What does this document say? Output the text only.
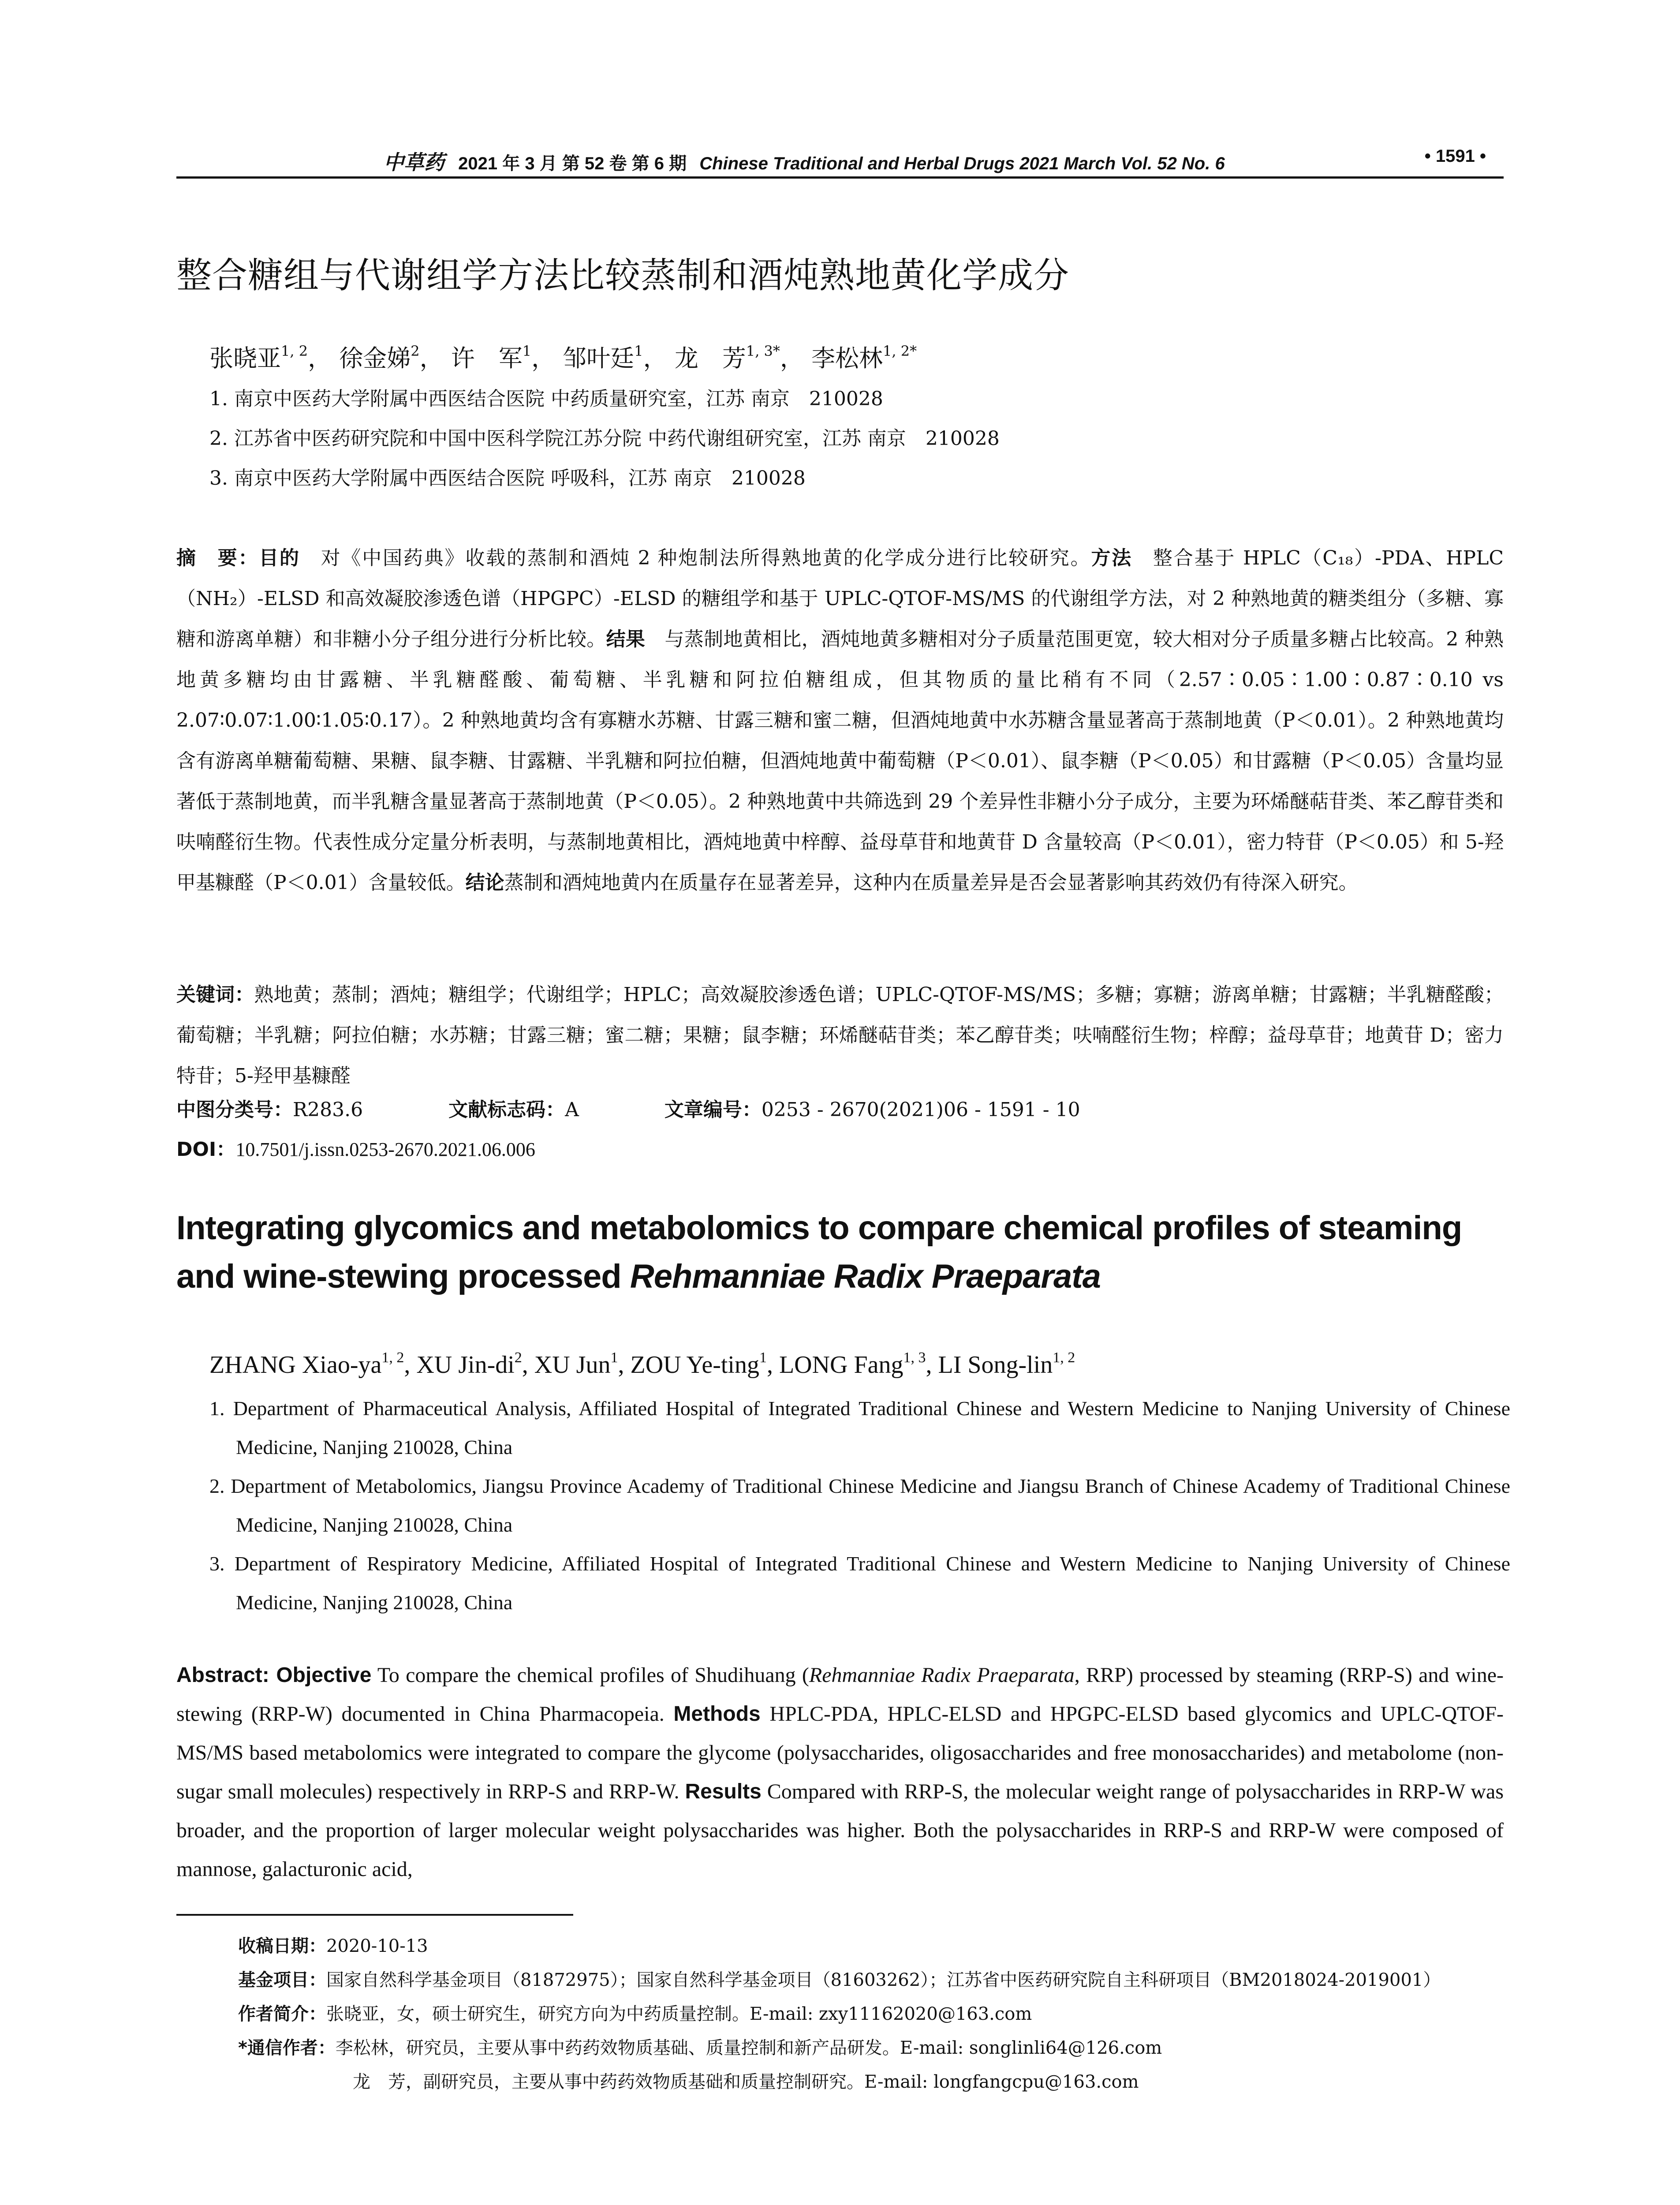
中草药 2021 年 3 月 第 52 卷 第 6 期 Chinese Traditional and Herbal Drugs 2021 March Vol. 52 No. 6	• 1591 •
整合糖组与代谢组学方法比较蒸制和酒炖熟地黄化学成分
张晓亚$^{1, 2}$， 徐金娣$^2$， 许　军$^1$， 邹叶廷$^1$， 龙　芳$^{1, 3*}$， 李松林$^{1, 2*}$
1. 南京中医药大学附属中西医结合医院 中药质量研究室，江苏 南京　210028
2. 江苏省中医药研究院和中国中医科学院江苏分院 中药代谢组研究室，江苏 南京　210028
3. 南京中医药大学附属中西医结合医院 呼吸科，江苏 南京　210028
摘　要：目的　对《中国药典》收载的蒸制和酒炖 2 种炮制法所得熟地黄的化学成分进行比较研究。方法　整合基于 HPLC（C₁₈）-PDA、HPLC（NH₂）-ELSD 和高效凝胶渗透色谱（HPGPC）-ELSD 的糖组学和基于 UPLC-QTOF-MS/MS 的代谢组学方法，对 2 种熟地黄的糖类组分（多糖、寡糖和游离单糖）和非糖小分子组分进行分析比较。结果　与蒸制地黄相比，酒炖地黄多糖相对分子质量范围更宽，较大相对分子质量多糖占比较高。2 种熟地黄多糖均由甘露糖、半乳糖醛酸、葡萄糖、半乳糖和阿拉伯糖组成，但其物质的量比稍有不同（2.57∶0.05∶1.00∶0.87∶0.10 vs 2.07∶0.07∶1.00∶1.05∶0.17）。2 种熟地黄均含有寡糖水苏糖、甘露三糖和蜜二糖，但酒炖地黄中水苏糖含量显著高于蒸制地黄（P＜0.01）。2 种熟地黄均含有游离单糖葡萄糖、果糖、鼠李糖、甘露糖、半乳糖和阿拉伯糖，但酒炖地黄中葡萄糖（P＜0.01）、鼠李糖（P＜0.05）和甘露糖（P＜0.05）含量均显著低于蒸制地黄，而半乳糖含量显著高于蒸制地黄（P＜0.05）。2 种熟地黄中共筛选到 29 个差异性非糖小分子成分，主要为环烯醚萜苷类、苯乙醇苷类和呋喃醛衍生物。代表性成分定量分析表明，与蒸制地黄相比，酒炖地黄中梓醇、益母草苷和地黄苷 D 含量较高（P＜0.01），密力特苷（P＜0.05）和 5-羟甲基糠醛（P＜0.01）含量较低。结论蒸制和酒炖地黄内在质量存在显著差异，这种内在质量差异是否会显著影响其药效仍有待深入研究。
关键词：熟地黄；蒸制；酒炖；糖组学；代谢组学；HPLC；高效凝胶渗透色谱；UPLC-QTOF-MS/MS；多糖；寡糖；游离单糖；甘露糖；半乳糖醛酸；葡萄糖；半乳糖；阿拉伯糖；水苏糖；甘露三糖；蜜二糖；果糖；鼠李糖；环烯醚萜苷类；苯乙醇苷类；呋喃醛衍生物；梓醇；益母草苷；地黄苷 D；密力特苷；5-羟甲基糠醛
中图分类号：R283.6	文献标志码：A	文章编号：0253 - 2670(2021)06 - 1591 - 10
DOI：10.7501/j.issn.0253-2670.2021.06.006
Integrating glycomics and metabolomics to compare chemical profiles of steaming and wine-stewing processed Rehmanniae Radix Praeparata
ZHANG Xiao-ya$^{1, 2}$, XU Jin-$di^2$, XU Jun$^1$, ZOU Ye-ting$^1$, LONG Fang$^{1, 3}$, LI Song-lin$^{1, 2}$
1. Department of Pharmaceutical Analysis, Affiliated Hospital of Integrated Traditional Chinese and Western Medicine to Nanjing University of Chinese Medicine, Nanjing 210028, China
2. Department of Metabolomics, Jiangsu Province Academy of Traditional Chinese Medicine and Jiangsu Branch of Chinese Academy of Traditional Chinese Medicine, Nanjing 210028, China
3. Department of Respiratory Medicine, Affiliated Hospital of Integrated Traditional Chinese and Western Medicine to Nanjing University of Chinese Medicine, Nanjing 210028, China
Abstract: Objective To compare the chemical profiles of Shudihuang (Rehmanniae Radix Praeparata, RRP) processed by steaming (RRP-S) and wine-stewing (RRP-W) documented in China Pharmacopeia. Methods HPLC-PDA, HPLC-ELSD and HPGPC-ELSD based glycomics and UPLC-QTOF-MS/MS based metabolomics were integrated to compare the glycome (polysaccharides, oligosaccharides and free monosaccharides) and metabolome (non-sugar small molecules) respectively in RRP-S and RRP-W. Results Compared with RRP-S, the molecular weight range of polysaccharides in RRP-W was broader, and the proportion of larger molecular weight polysaccharides was higher. Both the polysaccharides in RRP-S and RRP-W were composed of mannose, galacturonic acid,
收稿日期：2020-10-13
基金项目：国家自然科学基金项目（81872975）；国家自然科学基金项目（81603262）；江苏省中医药研究院自主科研项目（BM2018024-2019001）
作者简介：张晓亚，女，硕士研究生，研究方向为中药质量控制。E-mail: zxy11162020@163.com
*通信作者：李松林，研究员，主要从事中药药效物质基础、质量控制和新产品研发。E-mail: songlinli64@126.com
龙　芳，副研究员，主要从事中药药效物质基础和质量控制研究。E-mail: longfangcpu@163.com
